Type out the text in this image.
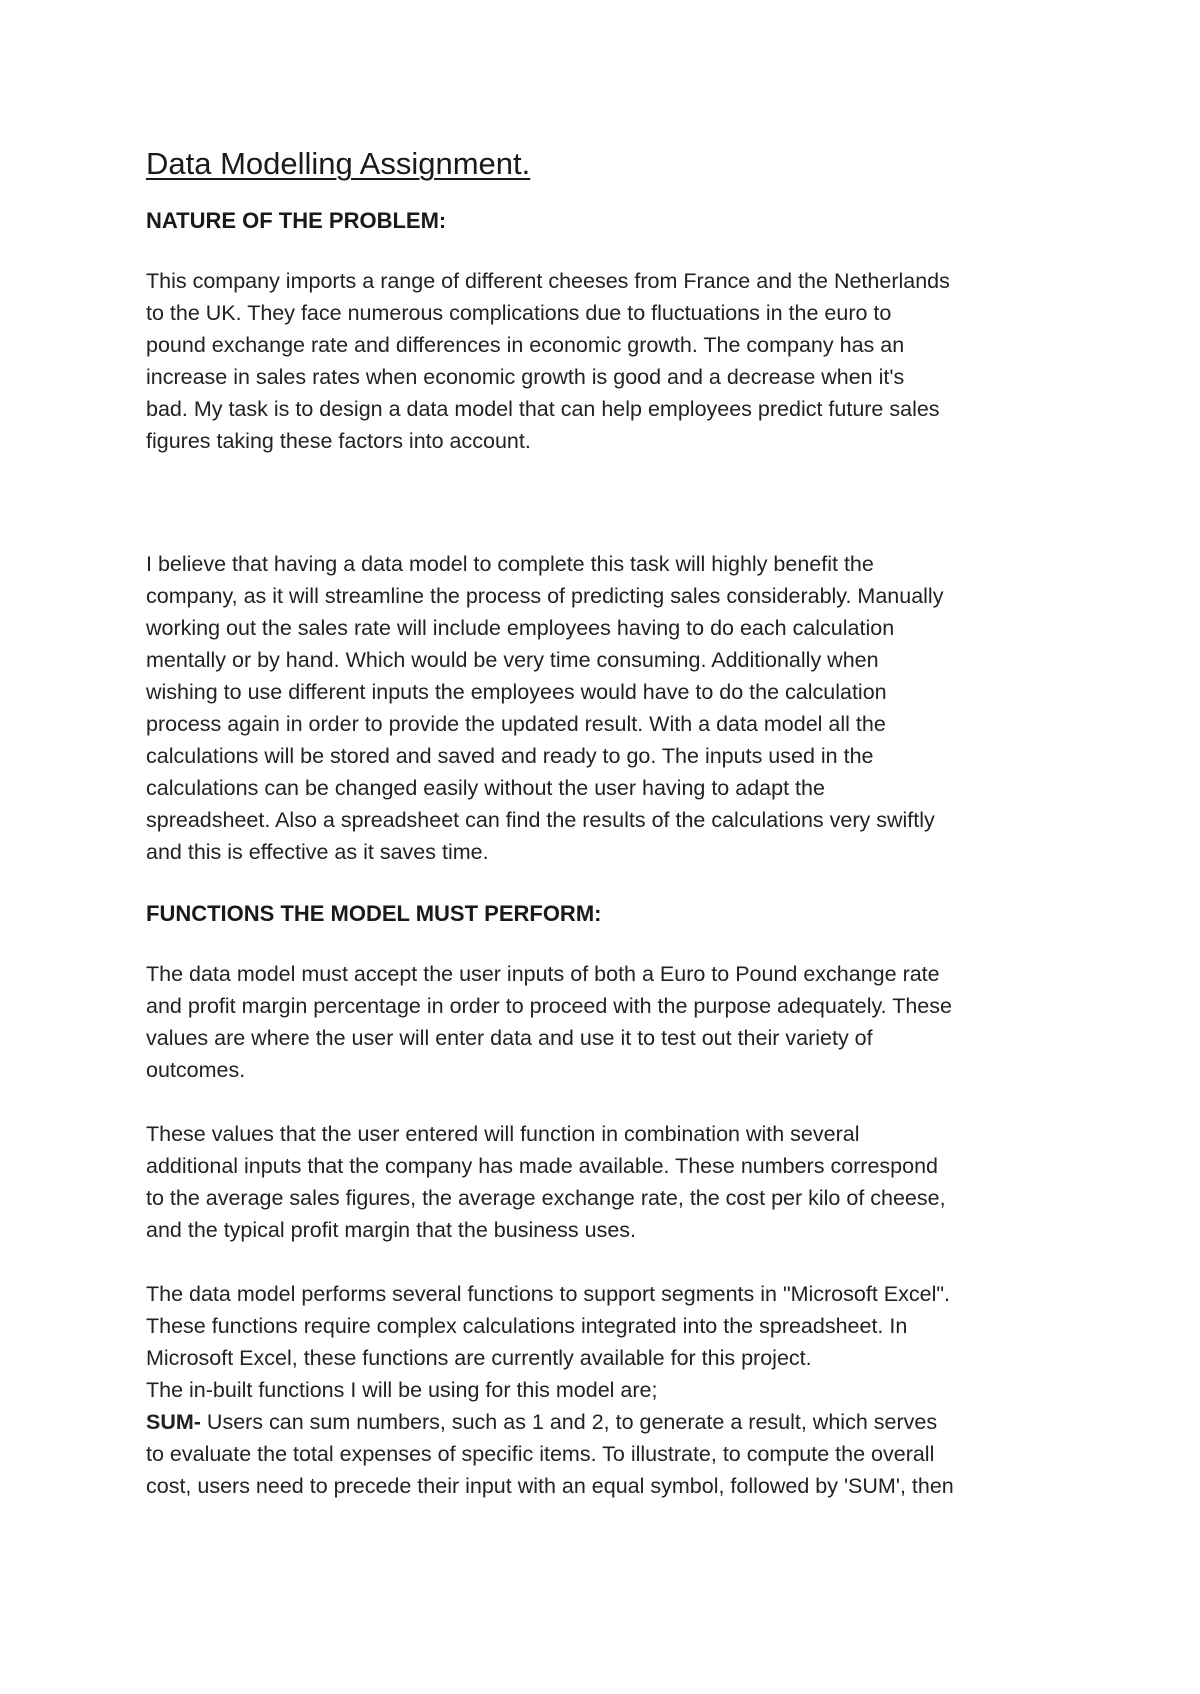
Data Modelling Assignment.
NATURE OF THE PROBLEM:
This company imports a range of different cheeses from France and the Netherlands
to the UK. They face numerous complications due to fluctuations in the euro to
pound exchange rate and differences in economic growth. The company has an
increase in sales rates when economic growth is good and a decrease when it's
bad. My task is to design a data model that can help employees predict future sales
figures taking these factors into account.
I believe that having a data model to complete this task will highly benefit the
company, as it will streamline the process of predicting sales considerably. Manually
working out the sales rate will include employees having to do each calculation
mentally or by hand. Which would be very time consuming. Additionally when
wishing to use different inputs the employees would have to do the calculation
process again in order to provide the updated result. With a data model all the
calculations will be stored and saved and ready to go. The inputs used in the
calculations can be changed easily without the user having to adapt the
spreadsheet. Also a spreadsheet can find the results of the calculations very swiftly
and this is effective as it saves time.
FUNCTIONS THE MODEL MUST PERFORM:
The data model must accept the user inputs of both a Euro to Pound exchange rate
and profit margin percentage in order to proceed with the purpose adequately. These
values are where the user will enter data and use it to test out their variety of
outcomes.
These values that the user entered will function in combination with several
additional inputs that the company has made available. These numbers correspond
to the average sales figures, the average exchange rate, the cost per kilo of cheese,
and the typical profit margin that the business uses.
The data model performs several functions to support segments in "Microsoft Excel".
These functions require complex calculations integrated into the spreadsheet. In
Microsoft Excel, these functions are currently available for this project.
The in-built functions I will be using for this model are;
SUM- Users can sum numbers, such as 1 and 2, to generate a result, which serves
to evaluate the total expenses of specific items. To illustrate, to compute the overall
cost, users need to precede their input with an equal symbol, followed by 'SUM', then
